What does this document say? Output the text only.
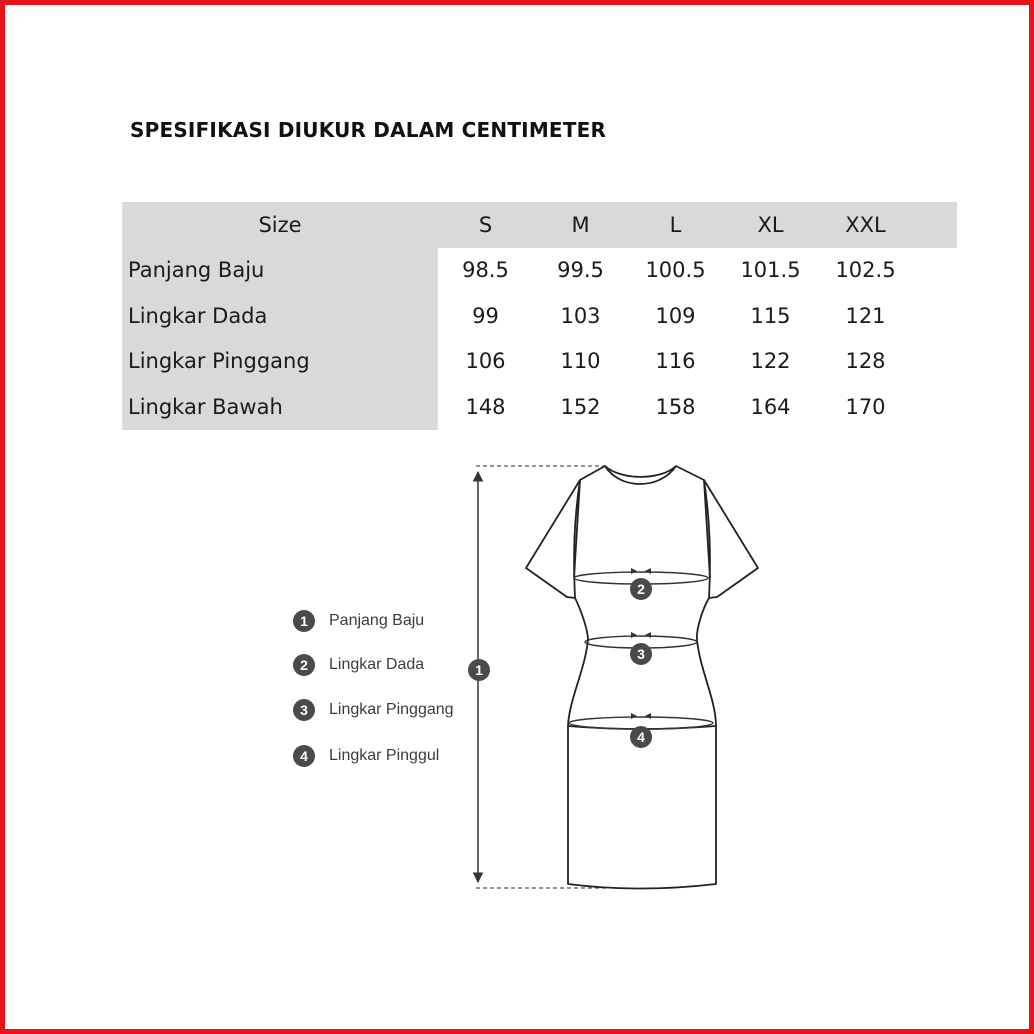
SPESIFIKASI DIUKUR DALAM CENTIMETER
Size	S	M	L	XL	XXL	
Panjang Baju	98.5	99.5	100.5	101.5	102.5	
Lingkar Dada	99	103	109	115	121	
Lingkar Pinggang	106	110	116	122	128	
Lingkar Bawah	148	152	158	164	170	
1	Panjang Baju
2	Lingkar Dada
3	Lingkar Pinggang
4	Lingkar Pinggul
1
2
3
4
